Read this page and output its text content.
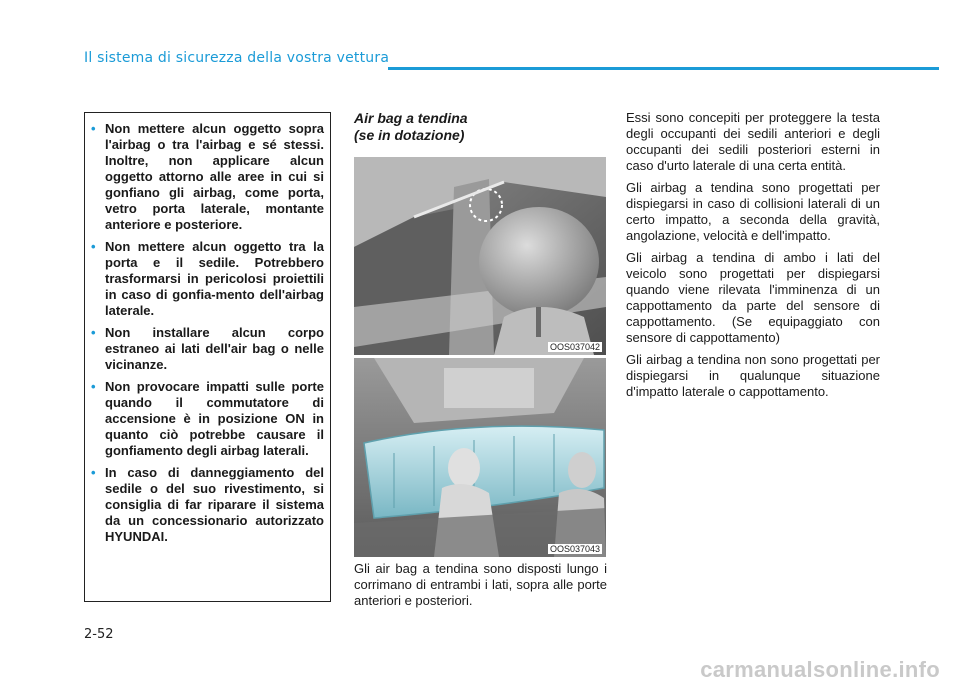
Il sistema di sicurezza della vostra vettura
• Non mettere alcun oggetto sopra l'airbag o tra l'airbag e sé stessi. Inoltre, non applicare alcun oggetto attorno alle aree in cui si gonfiano gli airbag, come porta, vetro porta laterale, montante anteriore e posteriore.
• Non mettere alcun oggetto tra la porta e il sedile. Potrebbero trasformarsi in pericolosi proiettili in caso di gonfia-mento dell'airbag laterale.
• Non installare alcun corpo estraneo ai lati dell'air bag o nelle vicinanze.
• Non provocare impatti sulle porte quando il commutatore di accensione è in posizione ON in quanto ciò potrebbe causare il gonfiamento degli airbag laterali.
• In caso di danneggiamento del sedile o del suo rivestimento, si consiglia di far riparare il sistema da un concessionario autorizzato HYUNDAI.
Air bag a tendina
(se in dotazione)
OOS037042
OOS037043
Gli air bag a tendina sono disposti lungo i corrimano di entrambi i lati, sopra alle porte anteriori e posteriori.

Essi sono concepiti per proteggere la testa degli occupanti dei sedili anteriori e degli occupanti dei sedili posteriori esterni in caso d'urto laterale di una certa entità.

Gli airbag a tendina sono progettati per dispiegarsi in caso di collisioni laterali di un certo impatto, a seconda della gravità, angolazione, velocità e dell'impatto.

Gli airbag a tendina di ambo i lati del veicolo sono progettati per dispiegarsi quando viene rilevata l'imminenza di un cappottamento da parte del sensore di cappottamento. (Se equipaggiato con sensore di cappottamento)

Gli airbag a tendina non sono progettati per dispiegarsi in qualunque situazione d'impatto laterale o cappottamento.

2-52
carmanualsonline.info
